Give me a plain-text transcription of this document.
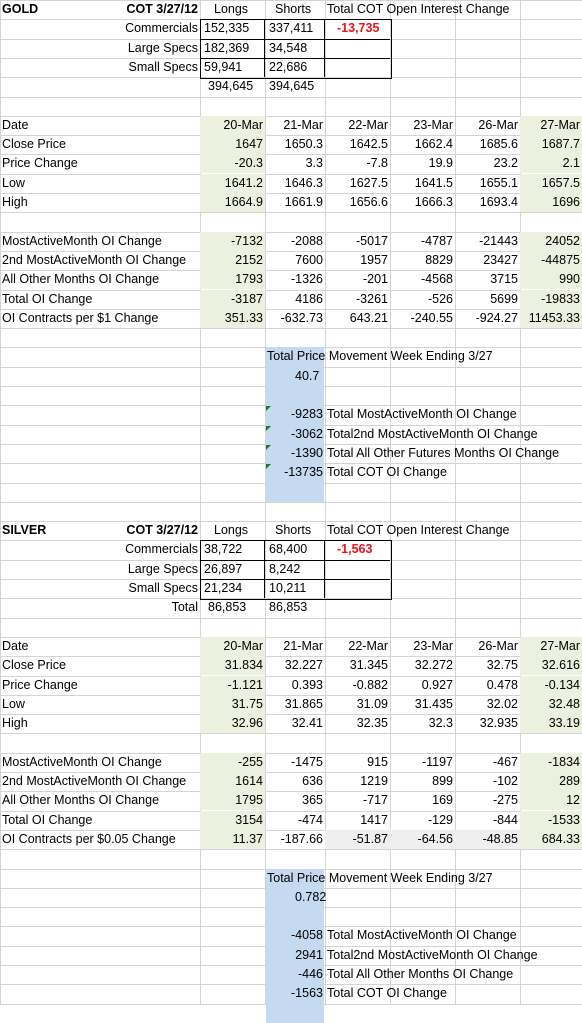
GOLD	COT 3/27/12	Longs	Shorts	Total COT Open Interest Change
Commercials 152,335	337,411	-13,735
Large Specs 182,369	34,548
Small Specs 59,941	22,686
394,645	394,645
Date	20-Mar	21-Mar	22-Mar	23-Mar	26-Mar	27-Mar
Close Price	1647	1650.3	1642.5	1662.4	1685.6	1687.7
Price Change	-20.3	3.3	-7.8	19.9	23.2	2.1
Low	1641.2	1646.3	1627.5	1641.5	1655.1	1657.5
High	1664.9	1661.9	1656.6	1666.3	1693.4	1696
MostActiveMonth OI Change	-7132	-2088	-5017	-4787	-21443	24052
2nd MostActiveMonth OI Change	2152	7600	1957	8829	23427	-44875
All Other Months OI Change	1793	-1326	-201	-4568	3715	990
Total OI Change	-3187	4186	-3261	-526	5699	-19833
OI Contracts per $1 Change	351.33	-632.73	643.21	-240.55	-924.27 11453.33
Total Price Movement Week Ending 3/27
40.7
-9283 Total MostActiveMonth OI Change
-3062 Total2nd MostActiveMonth OI Change
-1390 Total All Other Futures Months OI Change
-13735 Total COT OI Change
SILVER	COT 3/27/12	Longs	Shorts	Total COT Open Interest Change
Commercials 38,722	68,400	-1,563
Large Specs 26,897	8,242
Small Specs 21,234	10,211
Total 86,853	86,853
Date	20-Mar	21-Mar	22-Mar	23-Mar	26-Mar	27-Mar
Close Price	31.834	32.227	31.345	32.272	32.75	32.616
Price Change	-1.121	0.393	-0.882	0.927	0.478	-0.134
Low	31.75	31.865	31.09	31.435	32.02	32.48
High	32.96	32.41	32.35	32.3	32.935	33.19
MostActiveMonth OI Change	-255	-1475	915	-1197	-467	-1834
2nd MostActiveMonth OI Change	1614	636	1219	899	-102	289
All Other Months OI Change	1795	365	-717	169	-275	12
Total OI Change	3154	-474	1417	-129	-844	-1533
OI Contracts per $0.05 Change	11.37	-187.66	-51.87	-64.56	-48.85	684.33
Total Price Movement Week Ending 3/27
0.782
-4058 Total MostActiveMonth OI Change
2941 Total2nd MostActiveMonth OI Change
-446 Total All Other Months OI Change
-1563 Total COT OI Change
